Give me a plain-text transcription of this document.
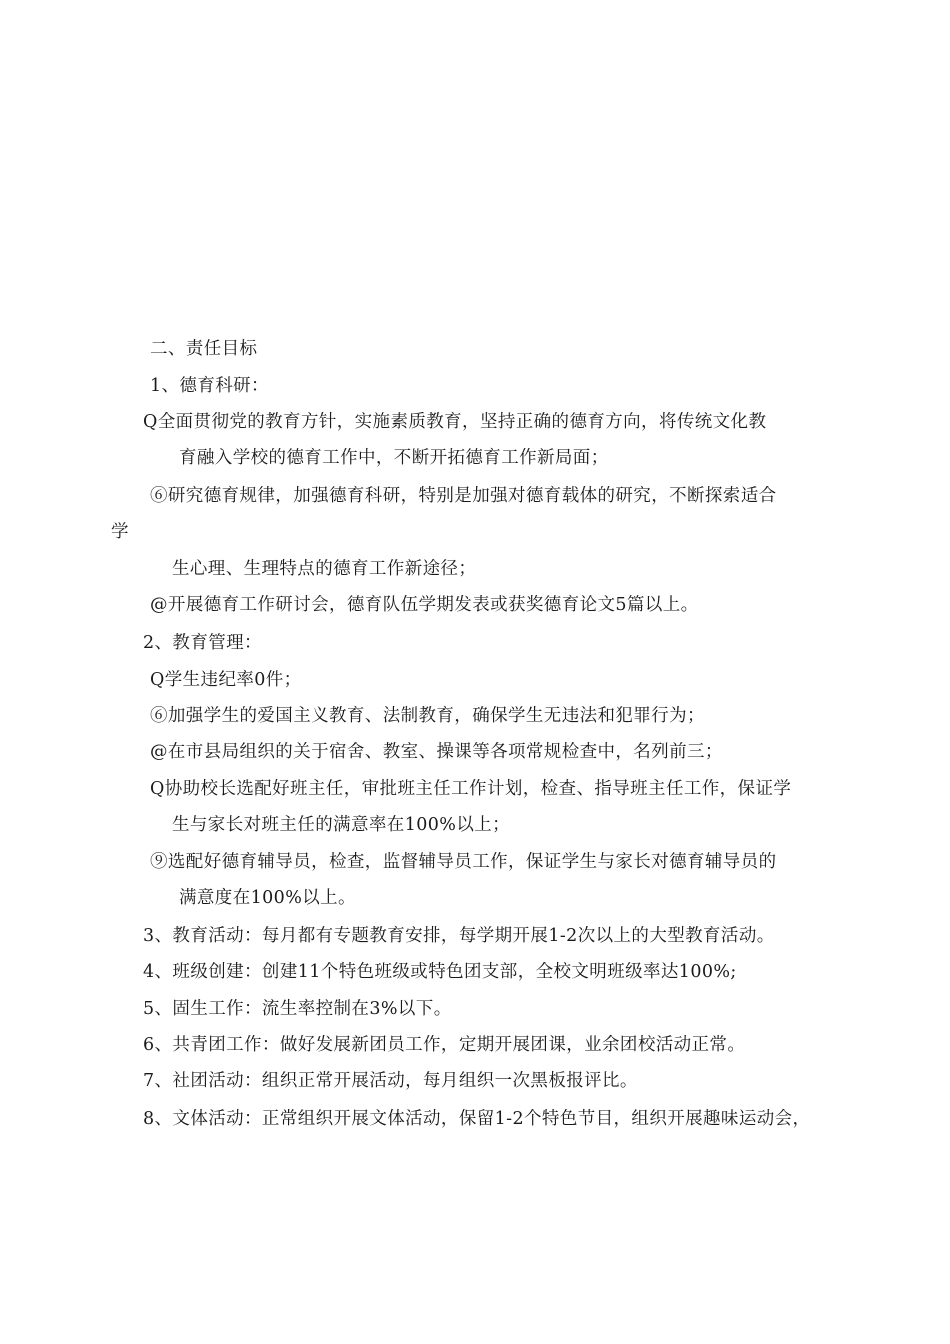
二、责任目标
1、德育科研：
Q全面贯彻党的教育方针，实施素质教育，坚持正确的德育方向，将传统文化教
育融入学校的德育工作中，不断开拓德育工作新局面；
⑥研究德育规律，加强德育科研，特别是加强对德育载体的研究，不断探索适合
学
生心理、生理特点的德育工作新途径；
@开展德育工作研讨会，德育队伍学期发表或获奖德育论文5篇以上。
2、教育管理：
Q学生违纪率0件；
⑥加强学生的爱国主义教育、法制教育，确保学生无违法和犯罪行为；
@在市县局组织的关于宿舍、教室、操课等各项常规检查中，名列前三；
Q协助校长选配好班主任，审批班主任工作计划，检查、指导班主任工作，保证学
生与家长对班主任的满意率在100%以上；
⑨选配好德育辅导员，检查，监督辅导员工作，保证学生与家长对德育辅导员的
满意度在100%以上。
3、教育活动：每月都有专题教育安排，每学期开展1-2次以上的大型教育活动。
4、班级创建：创建11个特色班级或特色团支部，全校文明班级率达100%;
5、固生工作：流生率控制在3%以下。
6、共青团工作：做好发展新团员工作，定期开展团课，业余团校活动正常。
7、社团活动：组织正常开展活动，每月组织一次黑板报评比。
8、文体活动：正常组织开展文体活动，保留1-2个特色节目，组织开展趣味运动会，
